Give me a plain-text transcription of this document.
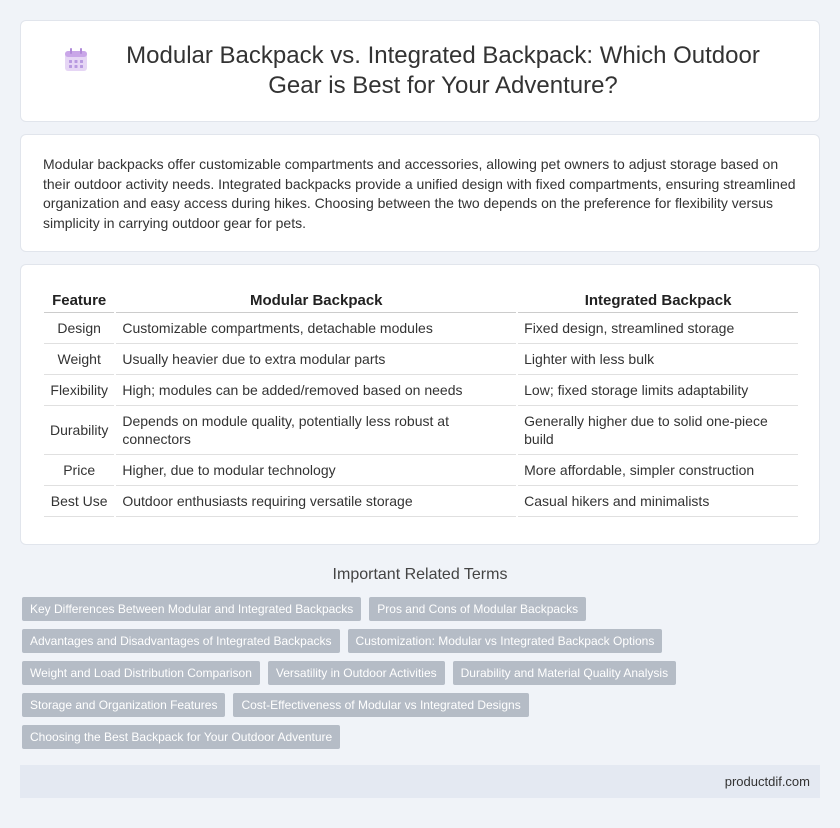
Modular Backpack vs. Integrated Backpack: Which Outdoor Gear is Best for Your Adventure?

Modular backpacks offer customizable compartments and accessories, allowing pet owners to adjust storage based on their outdoor activity needs. Integrated backpacks provide a unified design with fixed compartments, ensuring streamlined organization and easy access during hikes. Choosing between the two depends on the preference for flexibility versus simplicity in carrying outdoor gear for pets.

Feature	Modular Backpack	Integrated Backpack
Design	Customizable compartments, detachable modules	Fixed design, streamlined storage
Weight	Usually heavier due to extra modular parts	Lighter with less bulk
Flexibility	High; modules can be added/removed based on needs	Low; fixed storage limits adaptability
Durability	Depends on module quality, potentially less robust at connectors	Generally higher due to solid one-piece build
Price	Higher, due to modular technology	More affordable, simpler construction
Best Use	Outdoor enthusiasts requiring versatile storage	Casual hikers and minimalists
Important Related Terms
Key Differences Between Modular and Integrated Backpacks	Pros and Cons of Modular Backpacks
Advantages and Disadvantages of Integrated Backpacks	Customization: Modular vs Integrated Backpack Options
Weight and Load Distribution Comparison	Versatility in Outdoor Activities	Durability and Material Quality Analysis
Storage and Organization Features	Cost-Effectiveness of Modular vs Integrated Designs
Choosing the Best Backpack for Your Outdoor Adventure
productdif.com
